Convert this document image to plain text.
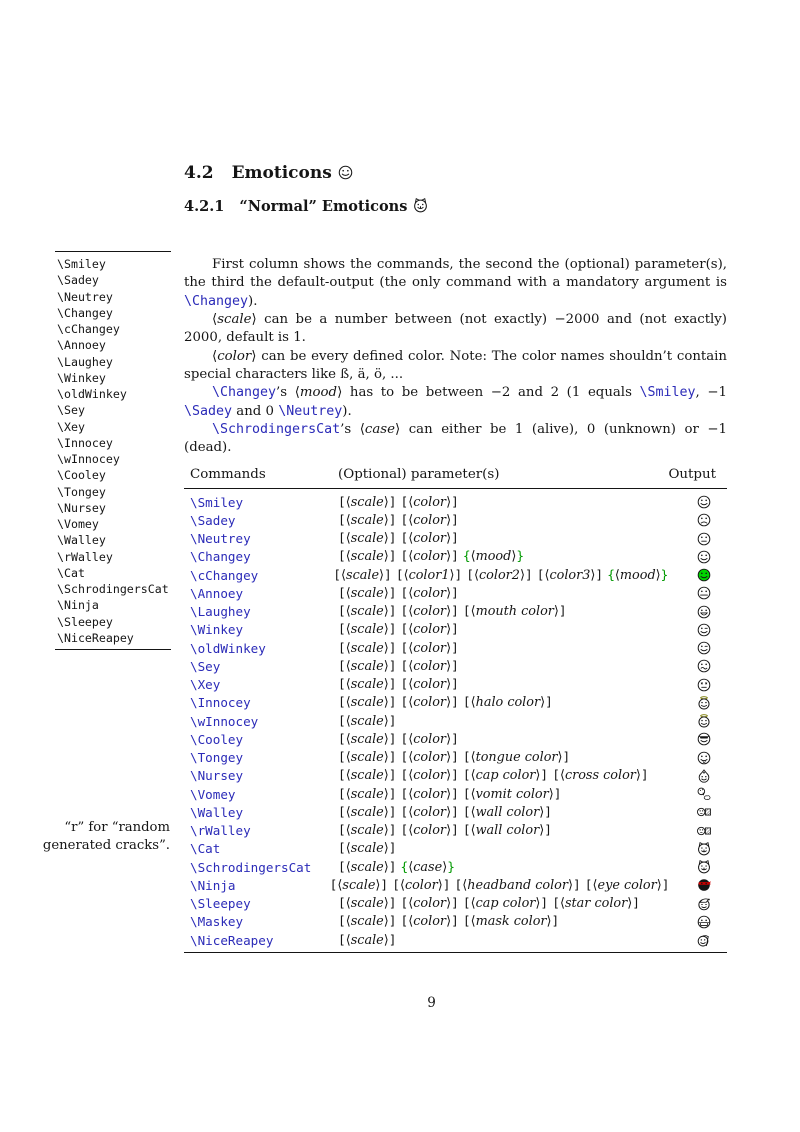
4.2 Emoticons
4.2.1 “Normal” Emoticons
\Smiley
\Sadey
\Neutrey
\Changey
\cChangey
\Annoey
\Laughey
\Winkey
\oldWinkey
\Sey
\Xey
\Innocey
\wInnocey
\Cooley
\Tongey
\Nursey
\Vomey
\Walley
\rWalley
\Cat
\SchrodingersCat
\Ninja
\Sleepey
\NiceReapey
“r” for “random generated cracks”.

First column shows the commands, the second the (optional) parameter(s), the third the default-output (the only command with a mandatory argument is \Changey).

⟨scale⟩ can be a number between (not exactly) −2000 and (not exactly) 2000, default is 1.

⟨color⟩ can be every defined color. Note: The color names shouldn’t contain special characters like ß, ä, ö, ...

\Changey’s ⟨mood⟩ has to be between −2 and 2 (1 equals \Smiley, −1 \Sadey and 0 \Neutrey).

\SchrodingersCat’s ⟨case⟩ can either be 1 (alive), 0 (unknown) or −1 (dead).

Commands	(Optional) parameter(s)	Output
\Smiley	[⟨scale⟩] [⟨color⟩]
\Sadey	[⟨scale⟩] [⟨color⟩]
\Neutrey	[⟨scale⟩] [⟨color⟩]
\Changey	[⟨scale⟩] [⟨color⟩] {⟨mood⟩}
\cChangey	[⟨scale⟩] [⟨color1⟩] [⟨color2⟩] [⟨color3⟩] {⟨mood⟩}
\Annoey	[⟨scale⟩] [⟨color⟩]
\Laughey	[⟨scale⟩] [⟨color⟩] [⟨mouth color⟩]
\Winkey	[⟨scale⟩] [⟨color⟩]
\oldWinkey	[⟨scale⟩] [⟨color⟩]
\Sey	[⟨scale⟩] [⟨color⟩]
\Xey	[⟨scale⟩] [⟨color⟩]
\Innocey	[⟨scale⟩] [⟨color⟩] [⟨halo color⟩]
\wInnocey	[⟨scale⟩]
\Cooley	[⟨scale⟩] [⟨color⟩]
\Tongey	[⟨scale⟩] [⟨color⟩] [⟨tongue color⟩]
\Nursey	[⟨scale⟩] [⟨color⟩] [⟨cap color⟩] [⟨cross color⟩]
\Vomey	[⟨scale⟩] [⟨color⟩] [⟨vomit color⟩]
\Walley	[⟨scale⟩] [⟨color⟩] [⟨wall color⟩]
\rWalley	[⟨scale⟩] [⟨color⟩] [⟨wall color⟩]
\Cat	[⟨scale⟩]
\SchrodingersCat	[⟨scale⟩] {⟨case⟩}
\Ninja	[⟨scale⟩] [⟨color⟩] [⟨headband color⟩] [⟨eye color⟩]
\Sleepey	[⟨scale⟩] [⟨color⟩] [⟨cap color⟩] [⟨star color⟩]
\Maskey	[⟨scale⟩] [⟨color⟩] [⟨mask color⟩]
\NiceReapey	[⟨scale⟩]
9
